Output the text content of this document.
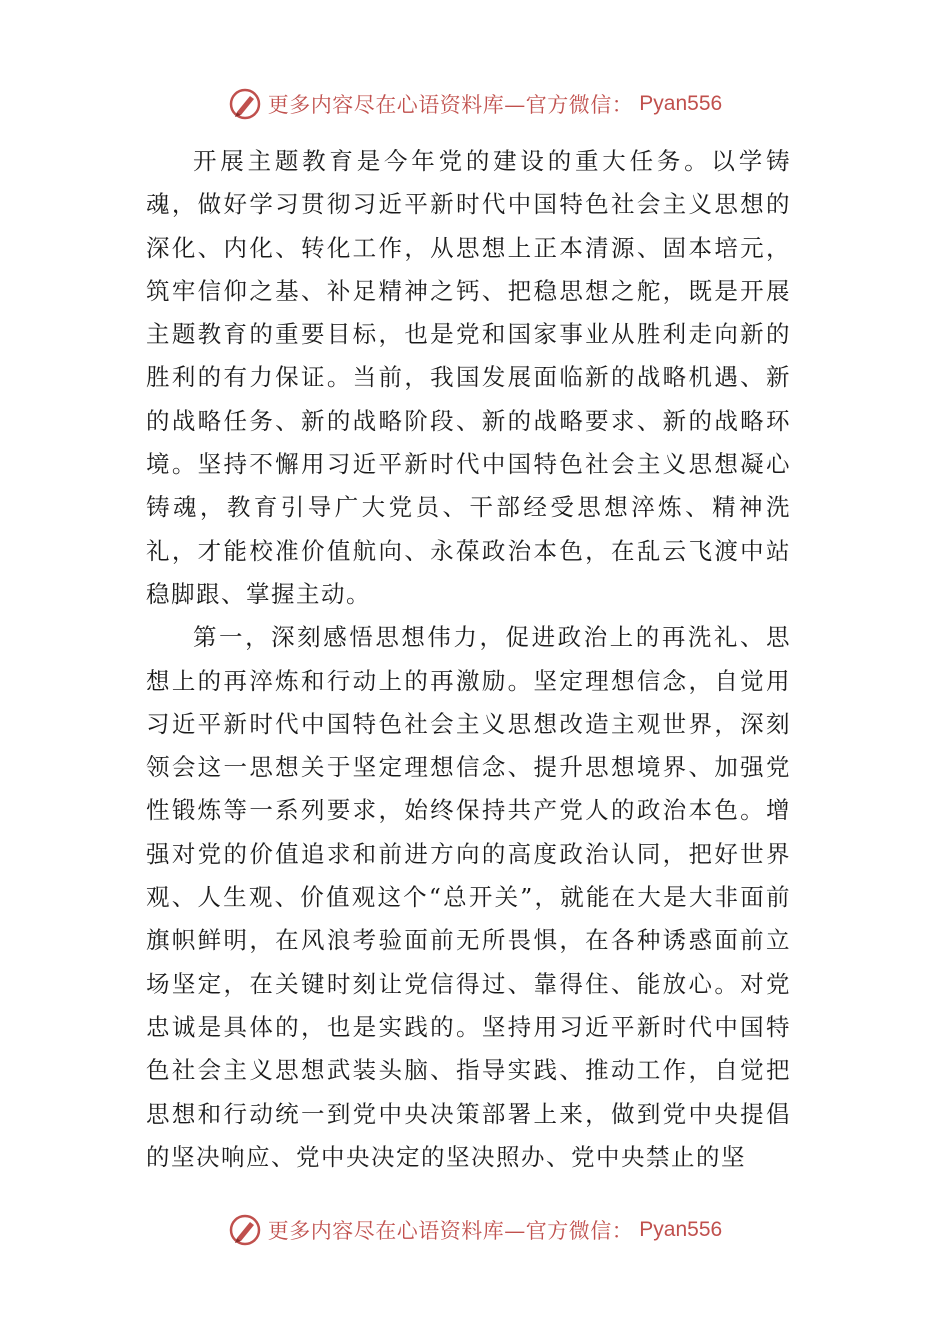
更多内容尽在心语资料库—官方微信： Pyan556

开展主题教育是今年党的建设的重大任务。以学铸魂，做好学习贯彻习近平新时代中国特色社会主义思想的深化、内化、转化工作，从思想上正本清源、固本培元，筑牢信仰之基、补足精神之钙、把稳思想之舵，既是开展主题教育的重要目标，也是党和国家事业从胜利走向新的胜利的有力保证。当前，我国发展面临新的战略机遇、新的战略任务、新的战略阶段、新的战略要求、新的战略环境。坚持不懈用习近平新时代中国特色社会主义思想凝心铸魂，教育引导广大党员、干部经受思想淬炼、精神洗礼，才能校准价值航向、永葆政治本色，在乱云飞渡中站稳脚跟、掌握主动。

第一，深刻感悟思想伟力，促进政治上的再洗礼、思想上的再淬炼和行动上的再激励。坚定理想信念，自觉用习近平新时代中国特色社会主义思想改造主观世界，深刻领会这一思想关于坚定理想信念、提升思想境界、加强党性锻炼等一系列要求，始终保持共产党人的政治本色。增强对党的价值追求和前进方向的高度政治认同，把好世界观、人生观、价值观这个“总开关”，就能在大是大非面前旗帜鲜明，在风浪考验面前无所畏惧，在各种诱惑面前立场坚定，在关键时刻让党信得过、靠得住、能放心。对党忠诚是具体的，也是实践的。坚持用习近平新时代中国特色社会主义思想武装头脑、指导实践、推动工作，自觉把思想和行动统一到党中央决策部署上来，做到党中央提倡的坚决响应、党中央决定的坚决照办、党中央禁止的坚

更多内容尽在心语资料库—官方微信： Pyan556
